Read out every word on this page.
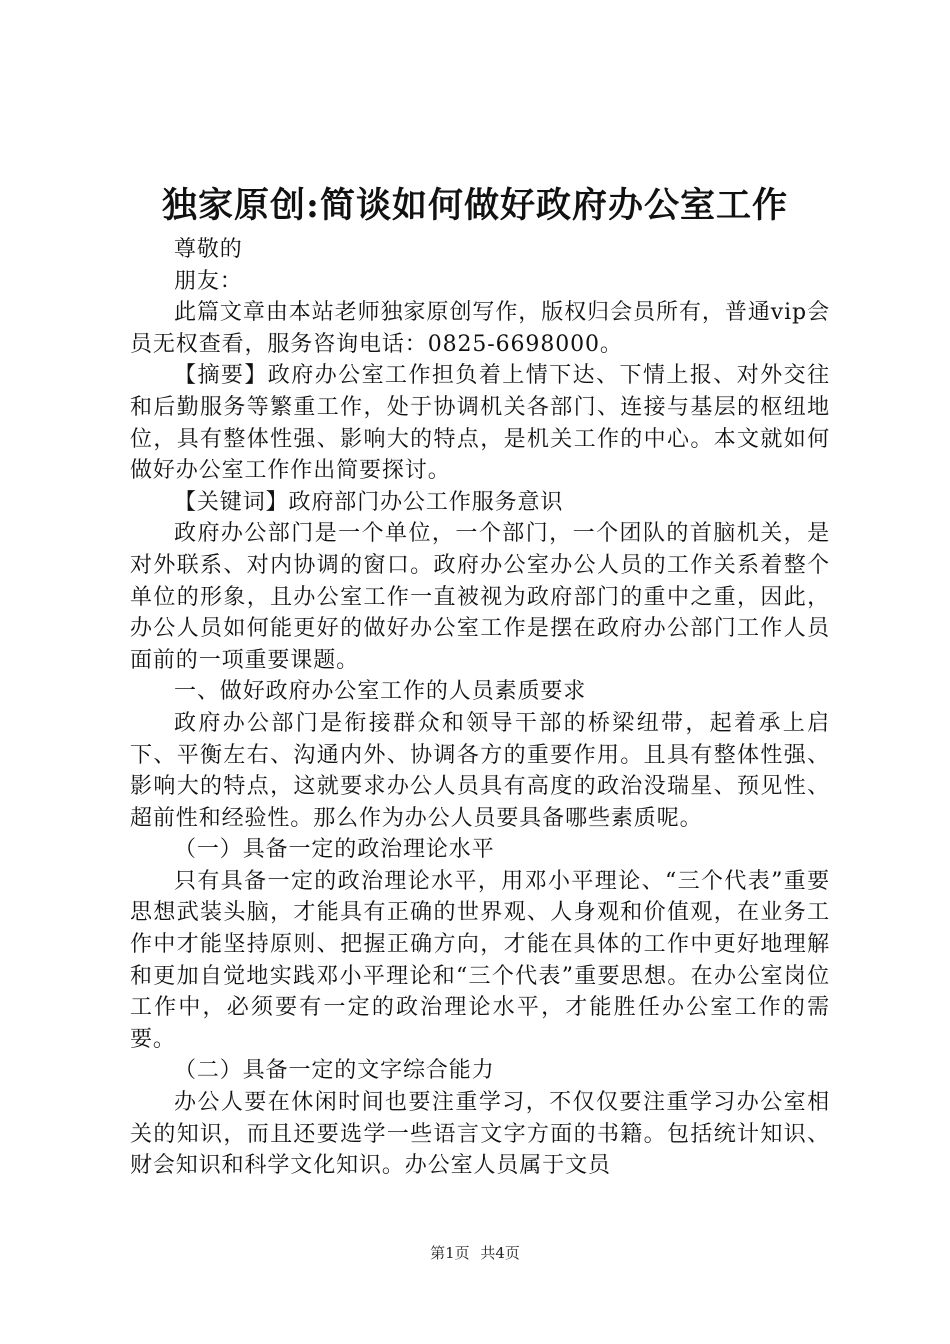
独家原创:简谈如何做好政府办公室工作

尊敬的

朋友：

此篇文章由本站老师独家原创写作，版权归会员所有，普通vip会员无权查看，服务咨询电话：0825-6698000。

【摘要】政府办公室工作担负着上情下达、下情上报、对外交往和后勤服务等繁重工作，处于协调机关各部门、连接与基层的枢纽地位，具有整体性强、影响大的特点，是机关工作的中心。本文就如何做好办公室工作作出简要探讨。

【关键词】政府部门办公工作服务意识

政府办公部门是一个单位，一个部门，一个团队的首脑机关，是对外联系、对内协调的窗口。政府办公室办公人员的工作关系着整个单位的形象，且办公室工作一直被视为政府部门的重中之重，因此，办公人员如何能更好的做好办公室工作是摆在政府办公部门工作人员面前的一项重要课题。

一、做好政府办公室工作的人员素质要求

政府办公部门是衔接群众和领导干部的桥梁纽带，起着承上启下、平衡左右、沟通内外、协调各方的重要作用。且具有整体性强、影响大的特点，这就要求办公人员具有高度的政治没瑞星、预见性、超前性和经验性。那么作为办公人员要具备哪些素质呢。

（一）具备一定的政治理论水平

只有具备一定的政治理论水平，用邓小平理论、“三个代表”重要思想武装头脑，才能具有正确的世界观、人身观和价值观，在业务工作中才能坚持原则、把握正确方向，才能在具体的工作中更好地理解和更加自觉地实践邓小平理论和“三个代表”重要思想。在办公室岗位工作中，必须要有一定的政治理论水平，才能胜任办公室工作的需要。

（二）具备一定的文字综合能力

办公人要在休闲时间也要注重学习，不仅仅要注重学习办公室相关的知识，而且还要选学一些语言文字方面的书籍。包括统计知识、财会知识和科学文化知识。办公室人员属于文员

第1页 共4页
